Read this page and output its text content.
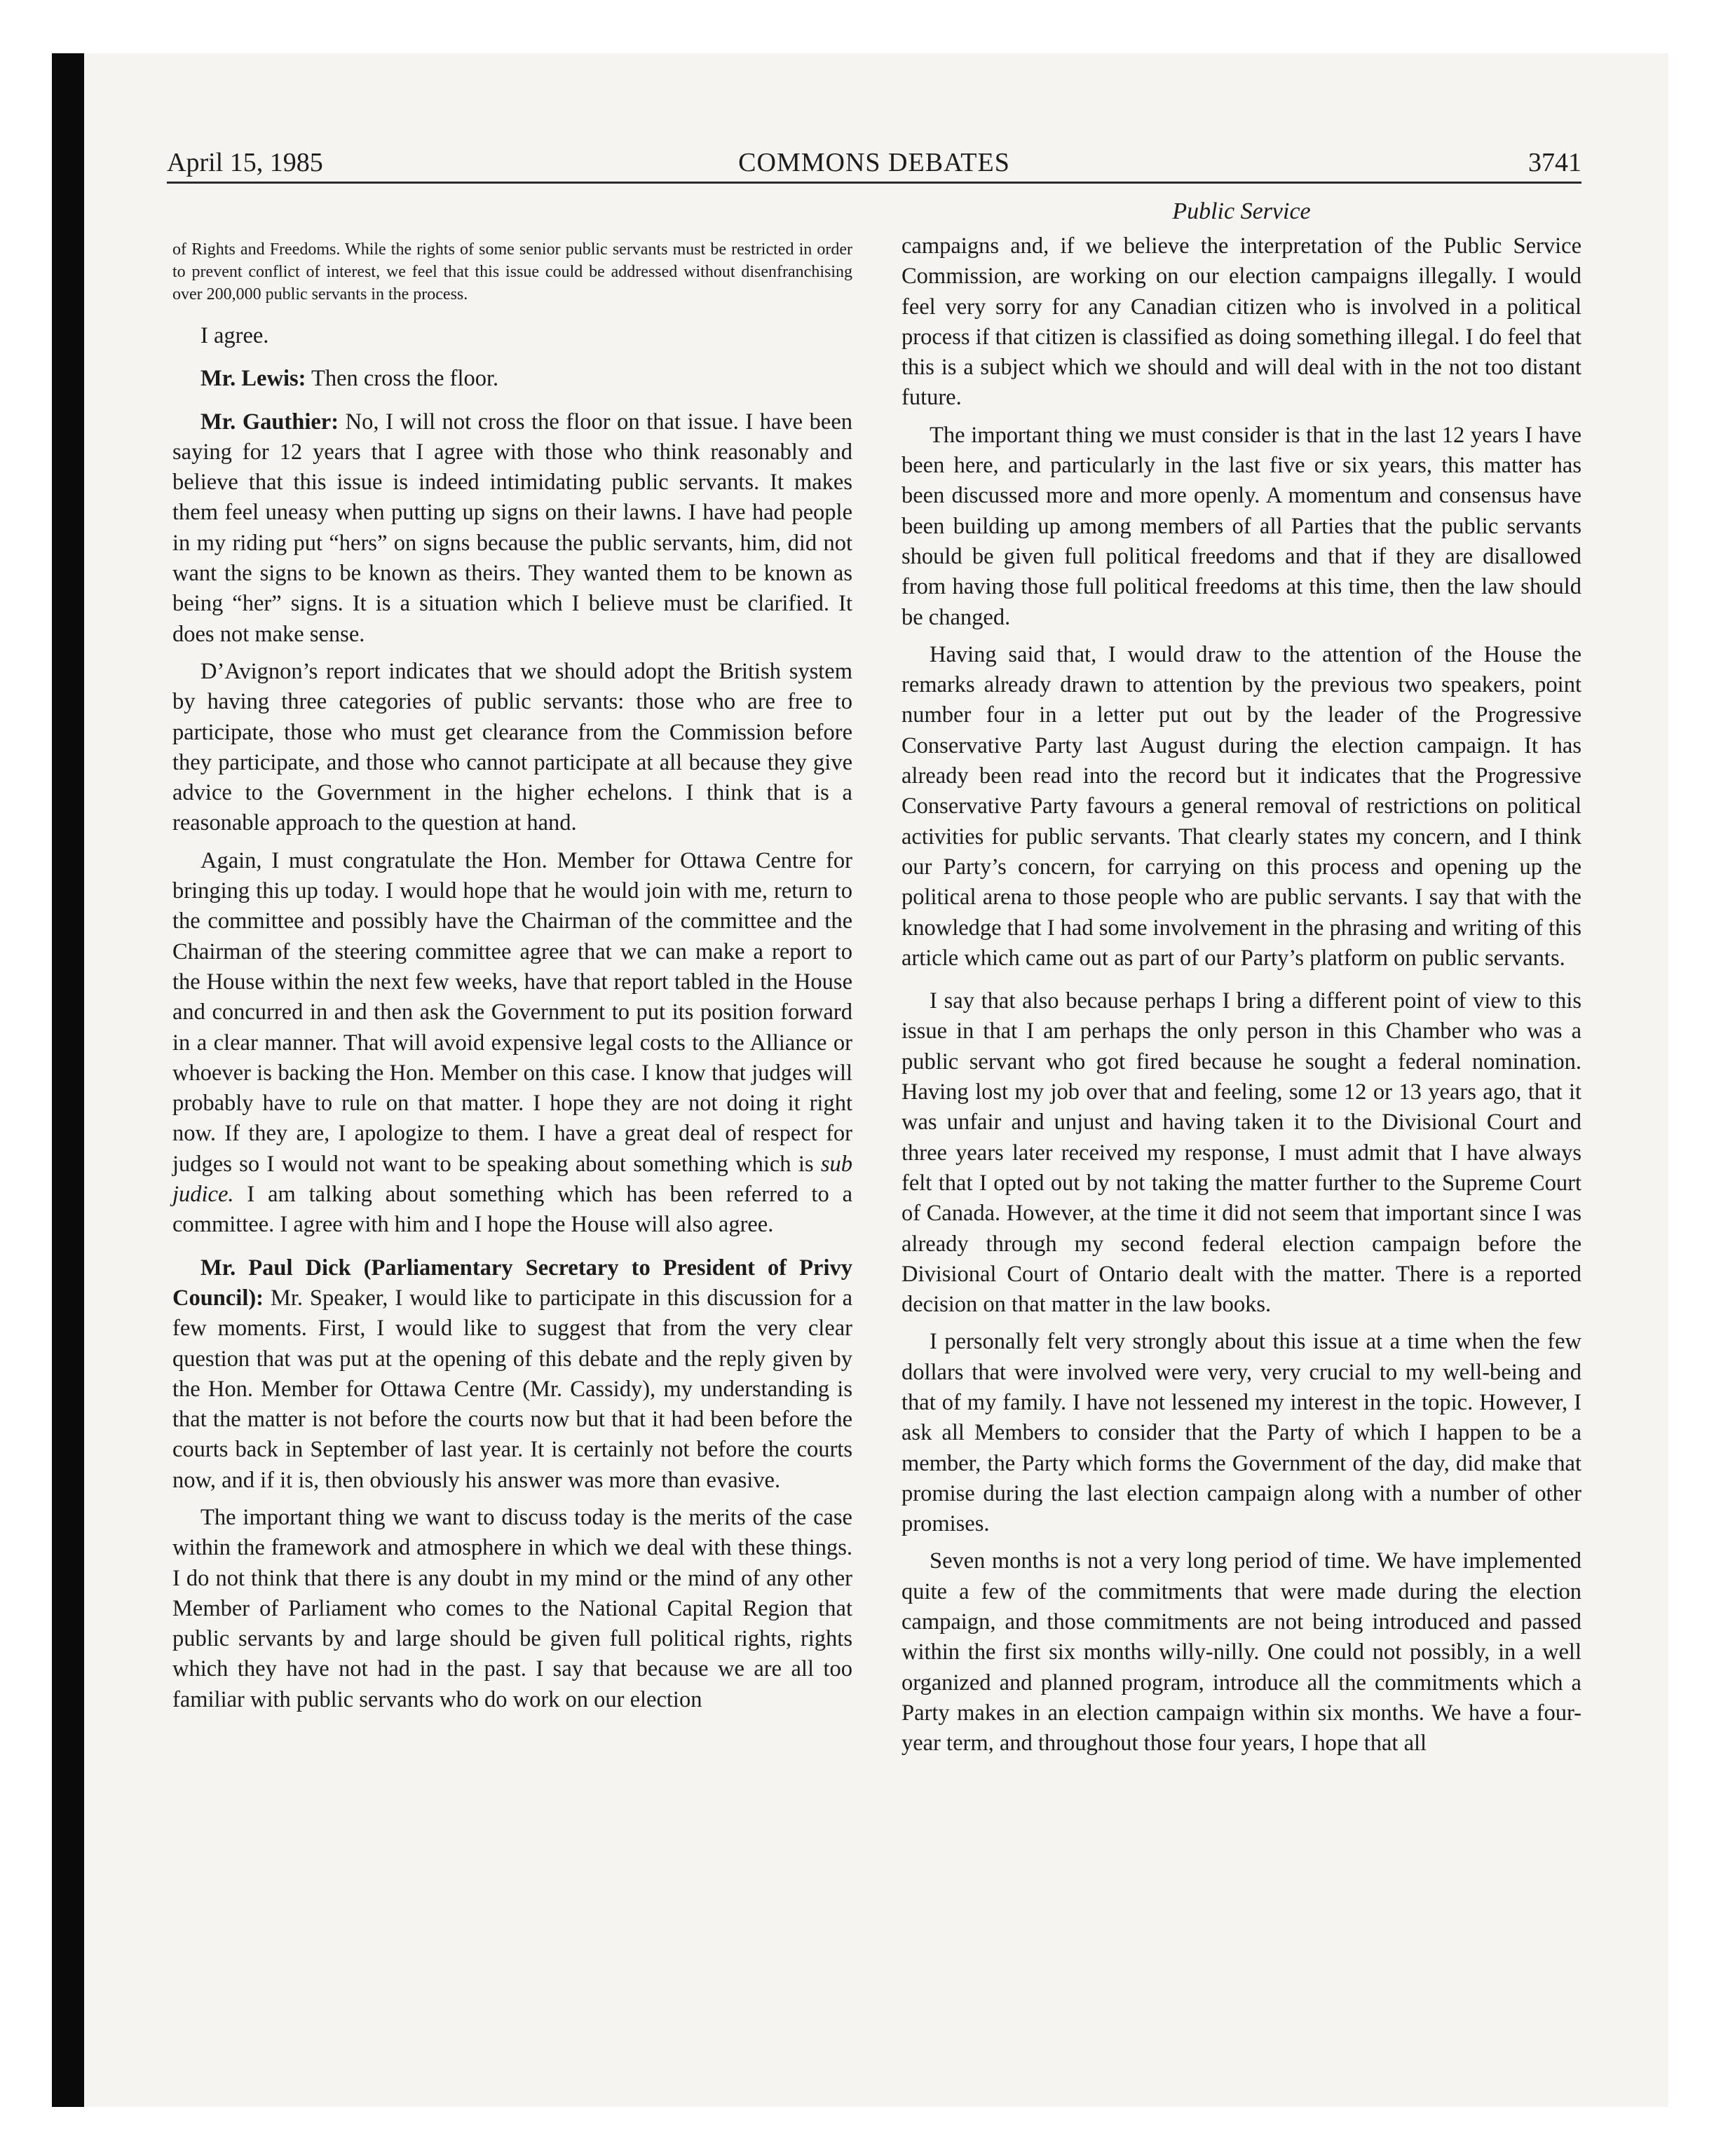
April 15, 1985	COMMONS DEBATES	3741

of Rights and Freedoms. While the rights of some senior public servants must be restricted in order to prevent conflict of interest, we feel that this issue could be addressed without disenfranchising over 200,000 public servants in the process.

I agree.

Mr. Lewis: Then cross the floor.

Mr. Gauthier: No, I will not cross the floor on that issue. I have been saying for 12 years that I agree with those who think reasonably and believe that this issue is indeed intimidating public servants. It makes them feel uneasy when putting up signs on their lawns. I have had people in my riding put “hers” on signs because the public servants, him, did not want the signs to be known as theirs. They wanted them to be known as being “her” signs. It is a situation which I believe must be clarified. It does not make sense.

D’Avignon’s report indicates that we should adopt the British system by having three categories of public servants: those who are free to participate, those who must get clearance from the Commission before they participate, and those who cannot participate at all because they give advice to the Government in the higher echelons. I think that is a reasonable approach to the question at hand.

Again, I must congratulate the Hon. Member for Ottawa Centre for bringing this up today. I would hope that he would join with me, return to the committee and possibly have the Chairman of the committee and the Chairman of the steering committee agree that we can make a report to the House within the next few weeks, have that report tabled in the House and concurred in and then ask the Government to put its position forward in a clear manner. That will avoid expensive legal costs to the Alliance or whoever is backing the Hon. Member on this case. I know that judges will probably have to rule on that matter. I hope they are not doing it right now. If they are, I apologize to them. I have a great deal of respect for judges so I would not want to be speaking about something which is sub judice. I am talking about something which has been referred to a committee. I agree with him and I hope the House will also agree.

Mr. Paul Dick (Parliamentary Secretary to President of Privy Council): Mr. Speaker, I would like to participate in this discussion for a few moments. First, I would like to suggest that from the very clear question that was put at the opening of this debate and the reply given by the Hon. Member for Ottawa Centre (Mr. Cassidy), my understanding is that the matter is not before the courts now but that it had been before the courts back in September of last year. It is certainly not before the courts now, and if it is, then obviously his answer was more than evasive.

The important thing we want to discuss today is the merits of the case within the framework and atmosphere in which we deal with these things. I do not think that there is any doubt in my mind or the mind of any other Member of Parliament who comes to the National Capital Region that public servants by and large should be given full political rights, rights which they have not had in the past. I say that because we are all too familiar with public servants who do work on our election

Public Service

campaigns and, if we believe the interpretation of the Public Service Commission, are working on our election campaigns illegally. I would feel very sorry for any Canadian citizen who is involved in a political process if that citizen is classified as doing something illegal. I do feel that this is a subject which we should and will deal with in the not too distant future.

The important thing we must consider is that in the last 12 years I have been here, and particularly in the last five or six years, this matter has been discussed more and more openly. A momentum and consensus have been building up among members of all Parties that the public servants should be given full political freedoms and that if they are disallowed from having those full political freedoms at this time, then the law should be changed.

Having said that, I would draw to the attention of the House the remarks already drawn to attention by the previous two speakers, point number four in a letter put out by the leader of the Progressive Conservative Party last August during the election campaign. It has already been read into the record but it indicates that the Progressive Conservative Party favours a general removal of restrictions on political activities for public servants. That clearly states my concern, and I think our Party’s concern, for carrying on this process and opening up the political arena to those people who are public servants. I say that with the knowledge that I had some involvement in the phrasing and writing of this article which came out as part of our Party’s platform on public servants.

I say that also because perhaps I bring a different point of view to this issue in that I am perhaps the only person in this Chamber who was a public servant who got fired because he sought a federal nomination. Having lost my job over that and feeling, some 12 or 13 years ago, that it was unfair and unjust and having taken it to the Divisional Court and three years later received my response, I must admit that I have always felt that I opted out by not taking the matter further to the Supreme Court of Canada. However, at the time it did not seem that important since I was already through my second federal election campaign before the Divisional Court of Ontario dealt with the matter. There is a reported decision on that matter in the law books.

I personally felt very strongly about this issue at a time when the few dollars that were involved were very, very crucial to my well-being and that of my family. I have not lessened my interest in the topic. However, I ask all Members to consider that the Party of which I happen to be a member, the Party which forms the Government of the day, did make that promise during the last election campaign along with a number of other promises.

Seven months is not a very long period of time. We have implemented quite a few of the commitments that were made during the election campaign, and those commitments are not being introduced and passed within the first six months willy-nilly. One could not possibly, in a well organized and planned program, introduce all the commitments which a Party makes in an election campaign within six months. We have a four-year term, and throughout those four years, I hope that all
